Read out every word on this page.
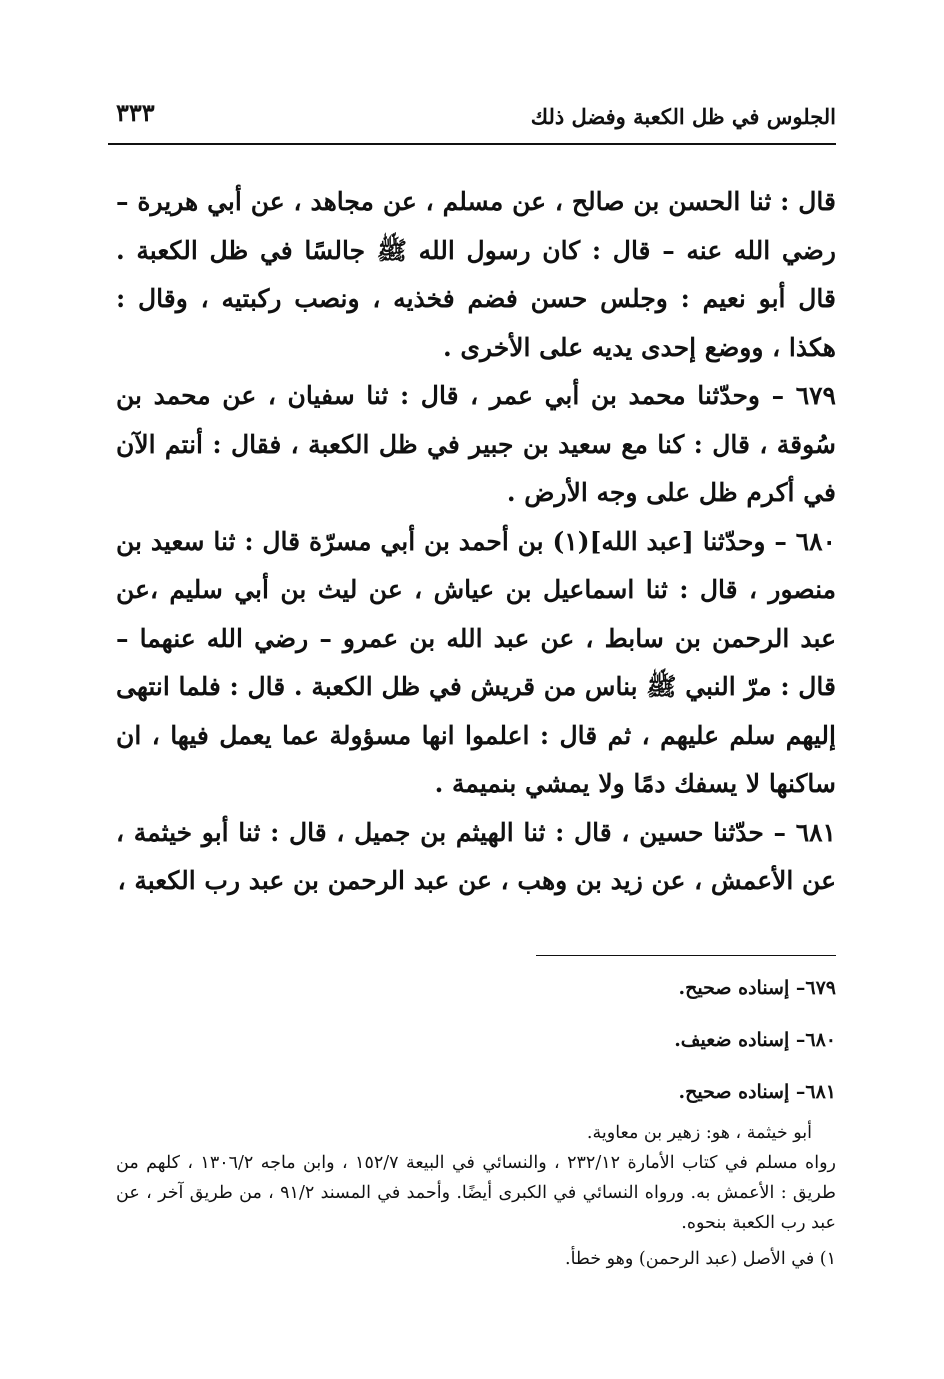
الجلوس في ظل الكعبة وفضل ذلك
٣٣٣

قال : ثنا الحسن بن صالح ، عن مسلم ، عن مجاهد ، عن أبي هريرة – رضي الله عنه – قال : كان رسول الله ﷺ جالسًا في ظل الكعبة . قال أبو نعيم : وجلس حسن فضم فخذيه ، ونصب ركبتيه ، وقال : هكذا ، ووضع إحدى يديه على الأخرى .

٦٧٩ – وحدّثنا محمد بن أبي عمر ، قال : ثنا سفيان ، عن محمد بن سُوقة ، قال : كنا مع سعيد بن جبير في ظل الكعبة ، فقال : أنتم الآن في أكرم ظل على وجه الأرض .

٦٨٠ – وحدّثنا [عبد الله](١) بن أحمد بن أبي مسرّة قال : ثنا سعيد بن منصور ، قال : ثنا اسماعيل بن عياش ، عن ليث بن أبي سليم ،عن عبد الرحمن بن سابط ، عن عبد الله بن عمرو – رضي الله عنهما – قال : مرّ النبي ﷺ بناس من قريش في ظل الكعبة . قال : فلما انتهى إليهم سلم عليهم ، ثم قال : اعلموا انها مسؤولة عما يعمل فيها ، ان ساكنها لا يسفك دمًا ولا يمشي بنميمة .

٦٨١ – حدّثنا حسين ، قال : ثنا الهيثم بن جميل ، قال : ثنا أبو خيثمة ، عن الأعمش ، عن زيد بن وهب ، عن عبد الرحمن بن عبد رب الكعبة ،

٦٧٩– إسناده صحيح.
٦٨٠– إسناده ضعيف.
٦٨١– إسناده صحيح.

أبو خيثمة ، هو: زهير بن معاوية.

رواه مسلم في كتاب الأمارة ٢٣٢/١٢ ، والنسائي في البيعة ١٥٢/٧ ، وابن ماجه ١٣٠٦/٢ ، كلهم من طريق : الأعمش به. ورواه النسائي في الكبرى أيضًا. وأحمد في المسند ٩١/٢ ، من طريق آخر ، عن عبد رب الكعبة بنحوه.

١) في الأصل (عبد الرحمن) وهو خطأ.
